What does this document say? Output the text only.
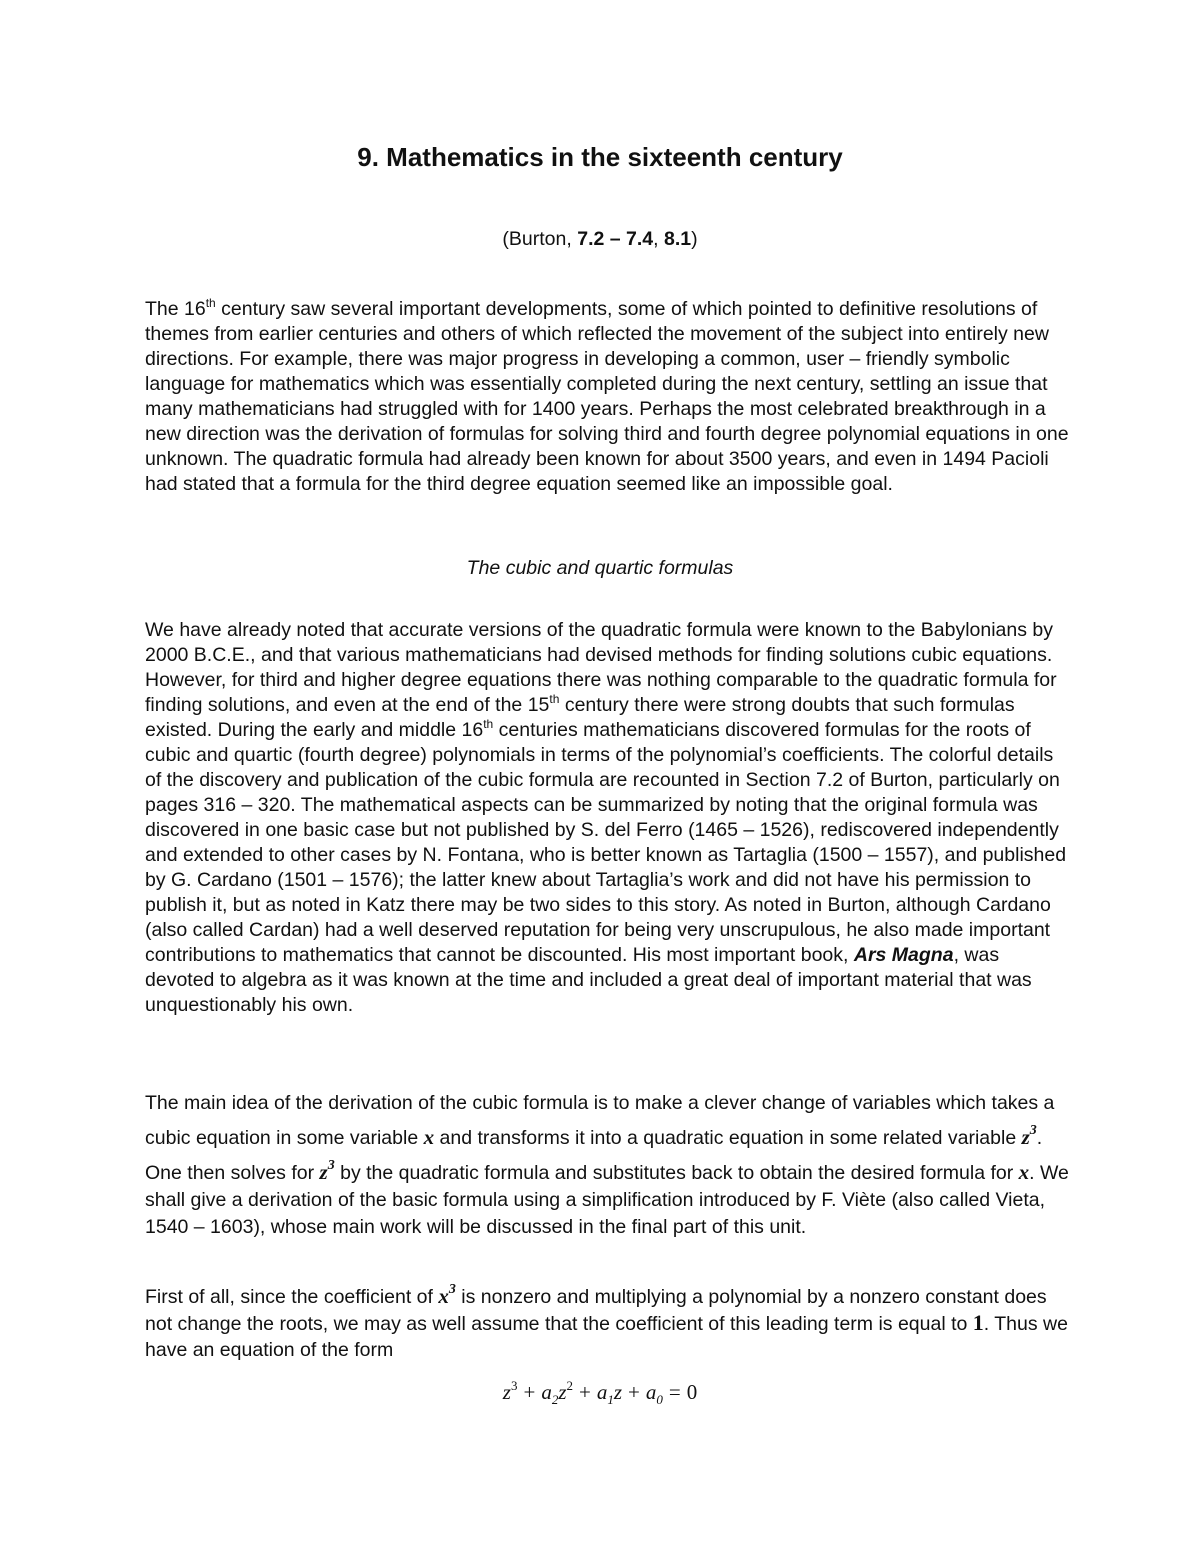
9. Mathematics in the sixteenth century
(Burton, 7.2 – 7.4, 8.1)

The 16th century saw several important developments, some of which pointed to definitive resolutions of themes from earlier centuries and others of which reflected the movement of the subject into entirely new directions. For example, there was major progress in developing a common, user – friendly symbolic language for mathematics which was essentially completed during the next century, settling an issue that many mathematicians had struggled with for 1400 years. Perhaps the most celebrated breakthrough in a new direction was the derivation of formulas for solving third and fourth degree polynomial equations in one unknown. The quadratic formula had already been known for about 3500 years, and even in 1494 Pacioli had stated that a formula for the third degree equation seemed like an impossible goal.

The cubic and quartic formulas

We have already noted that accurate versions of the quadratic formula were known to the Babylonians by 2000 B.C.E., and that various mathematicians had devised methods for finding solutions cubic equations. However, for third and higher degree equations there was nothing comparable to the quadratic formula for finding solutions, and even at the end of the 15th century there were strong doubts that such formulas existed. During the early and middle 16th centuries mathematicians discovered formulas for the roots of cubic and quartic (fourth degree) polynomials in terms of the polynomial’s coefficients. The colorful details of the discovery and publication of the cubic formula are recounted in Section 7.2 of Burton, particularly on pages 316 – 320. The mathematical aspects can be summarized by noting that the original formula was discovered in one basic case but not published by S. del Ferro (1465 – 1526), rediscovered independently and extended to other cases by N. Fontana, who is better known as Tartaglia (1500 – 1557), and published by G. Cardano (1501 – 1576); the latter knew about Tartaglia’s work and did not have his permission to publish it, but as noted in Katz there may be two sides to this story. As noted in Burton, although Cardano (also called Cardan) had a well deserved reputation for being very unscrupulous, he also made important contributions to mathematics that cannot be discounted. His most important book, Ars Magna, was devoted to algebra as it was known at the time and included a great deal of important material that was unquestionably his own.

The main idea of the derivation of the cubic formula is to make a clever change of variables which takes a cubic equation in some variable x and transforms it into a quadratic equation in some related variable $z^3$. One then solves for $z^3$ by the quadratic formula and substitutes back to obtain the desired formula for x. We shall give a derivation of the basic formula using a simplification introduced by F. Viète (also called Vieta, 1540 – 1603), whose main work will be discussed in the final part of this unit.

First of all, since the coefficient of $x^3$ is nonzero and multiplying a polynomial by a nonzero constant does not change the roots, we may as well assume that the coefficient of this leading term is equal to 1. Thus we have an equation of the form

$z^3 + a_2z^2 + a_1z + a_0 = 0$
